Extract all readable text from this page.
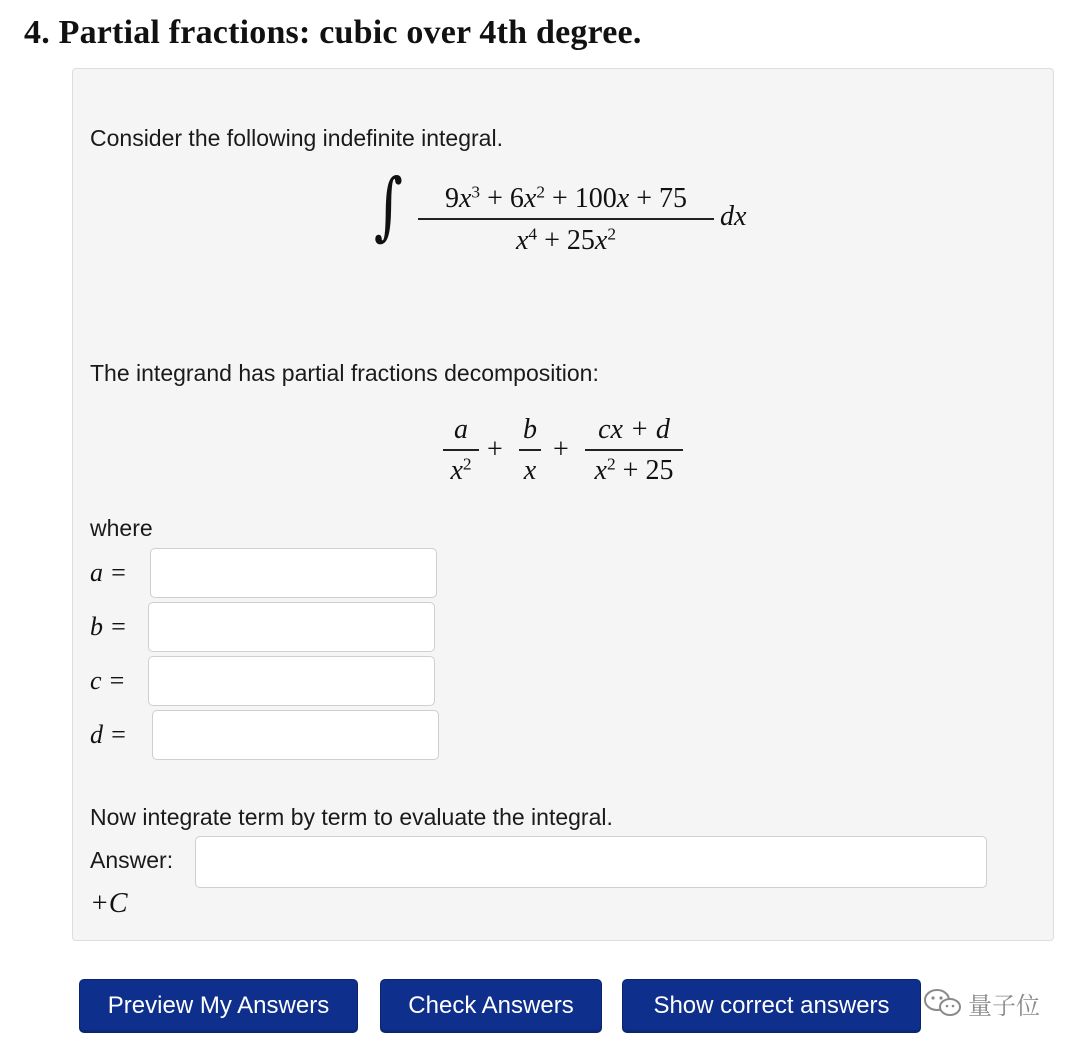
4. Partial fractions: cubic over 4th degree.
Consider the following indefinite integral.
∫	$9x^3 + 6x^2 + 100x + 75$
$x^4 + 25x^2$
dx
The integrand has partial fractions decomposition:
a
$x^2$ +
b
x
+
cx + d
$x^2 + 25$
where
a =
b =
c =
d =
Now integrate term by term to evaluate the integral.
Answer:
+C
Preview My Answers	Check Answers	Show correct answers	量子位
